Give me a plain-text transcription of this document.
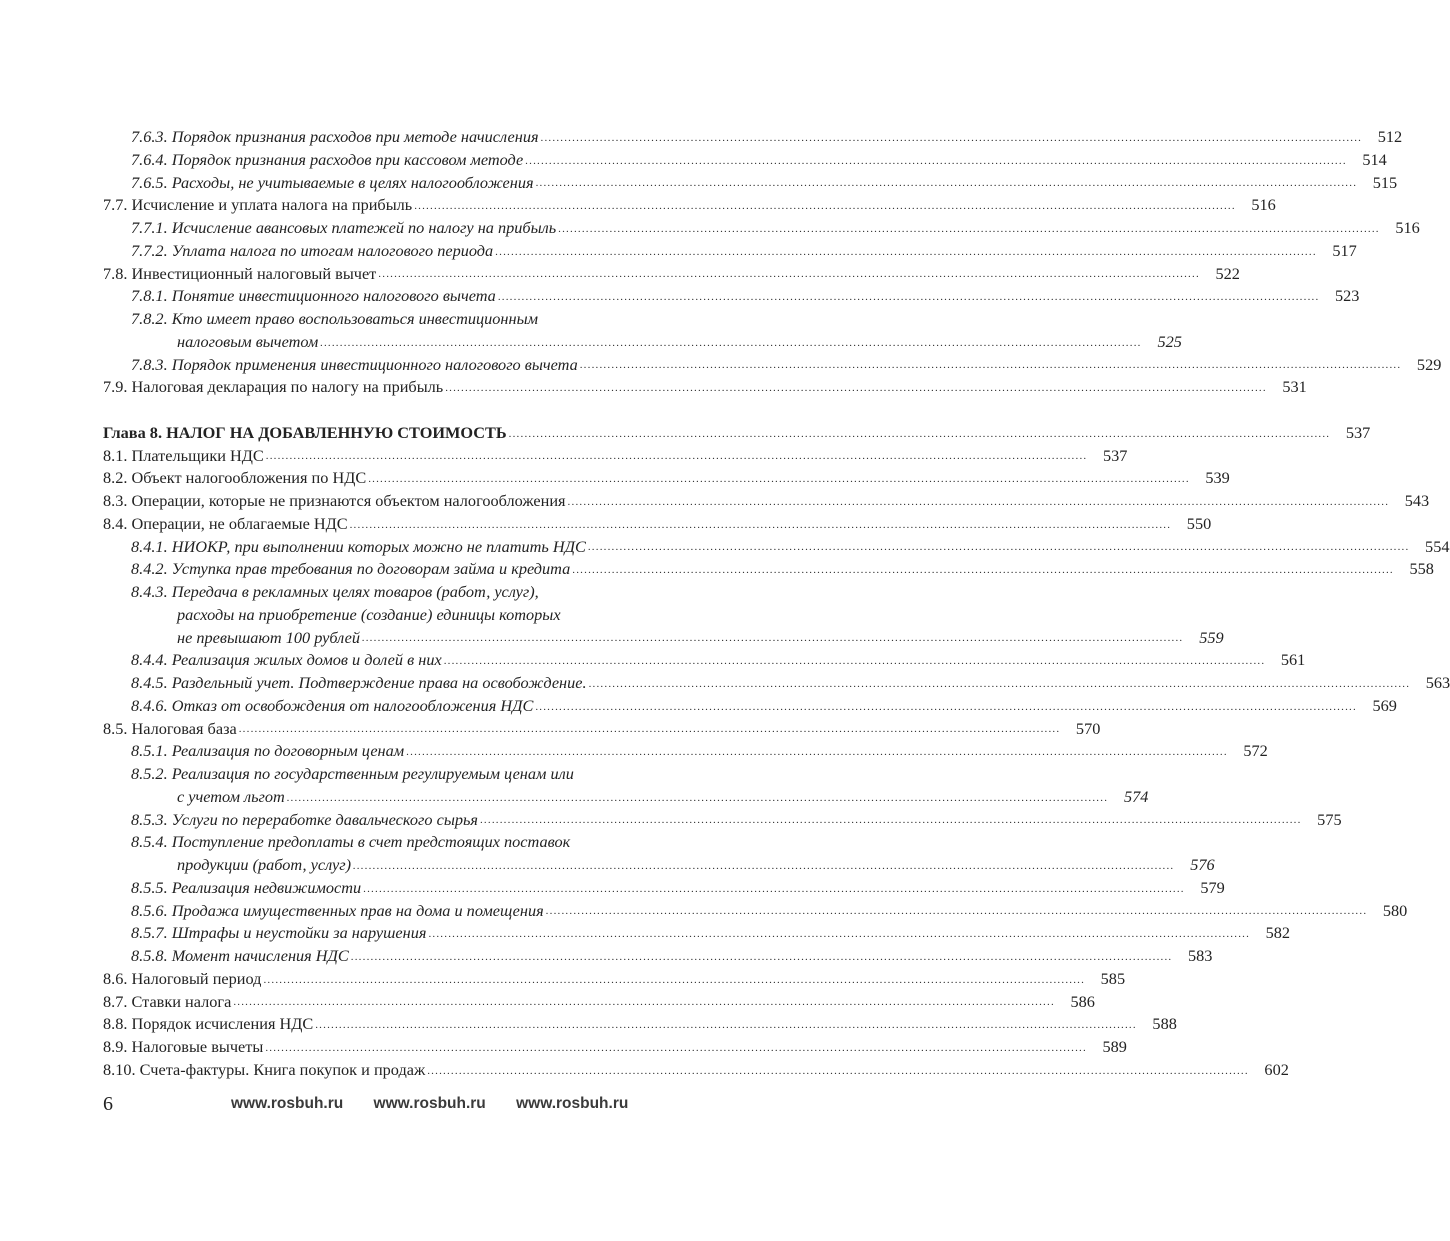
7.6.3. Порядок признания расходов при методе начисления .....	512
7.6.4. Порядок признания расходов при кассовом методе .....	514
7.6.5. Расходы, не учитываемые в целях налогообложения .....	515
7.7. Исчисление и уплата налога на прибыль .....	516
7.7.1. Исчисление авансовых платежей по налогу на прибыль .....	516
7.7.2. Уплата налога по итогам налогового периода .....	517
7.8. Инвестиционный налоговый вычет .....	522
7.8.1. Понятие инвестиционного налогового вычета .....	523
7.8.2. Кто имеет право воспользоваться инвестиционным
налоговым вычетом .....	525
7.8.3. Порядок применения инвестиционного налогового вычета .....	529
7.9. Налоговая декларация по налогу на прибыль .....	531
Глава 8. НАЛОГ НА ДОБАВЛЕННУЮ СТОИМОСТЬ .....	537
8.1. Плательщики НДС .....	537
8.2. Объект налогообложения по НДС .....	539
8.3. Операции, которые не признаются объектом налогообложения .....	543
8.4. Операции, не облагаемые НДС .....	550
8.4.1. НИОКР, при выполнении которых можно не платить НДС .....	554
8.4.2. Уступка прав требования по договорам займа и кредита .....	558
8.4.3. Передача в рекламных целях товаров (работ, услуг),
расходы на приобретение (создание) единицы которых
не превышают 100 рублей .....	559
8.4.4. Реализация жилых домов и долей в них .....	561
8.4.5. Раздельный учет. Подтверждение права на освобождение. .....	563
8.4.6. Отказ от освобождения от налогообложения НДС .....	569
8.5. Налоговая база .....	570
8.5.1. Реализация по договорным ценам .....	572
8.5.2. Реализация по государственным регулируемым ценам или
с учетом льгот .....	574
8.5.3. Услуги по переработке давальческого сырья .....	575
8.5.4. Поступление предоплаты в счет предстоящих поставок
продукции (работ, услуг) .....	576
8.5.5. Реализация недвижимости .....	579
8.5.6. Продажа имущественных прав на дома и помещения .....	580
8.5.7. Штрафы и неустойки за нарушения .....	582
8.5.8. Момент начисления НДС .....	583
8.6. Налоговый период .....	585
8.7. Ставки налога .....	586
8.8. Порядок исчисления НДС .....	588
8.9. Налоговые вычеты .....	589
8.10. Счета-фактуры. Книга покупок и продаж .....	602
6	www.rosbuh.ru www.rosbuh.ru www.rosbuh.ru
